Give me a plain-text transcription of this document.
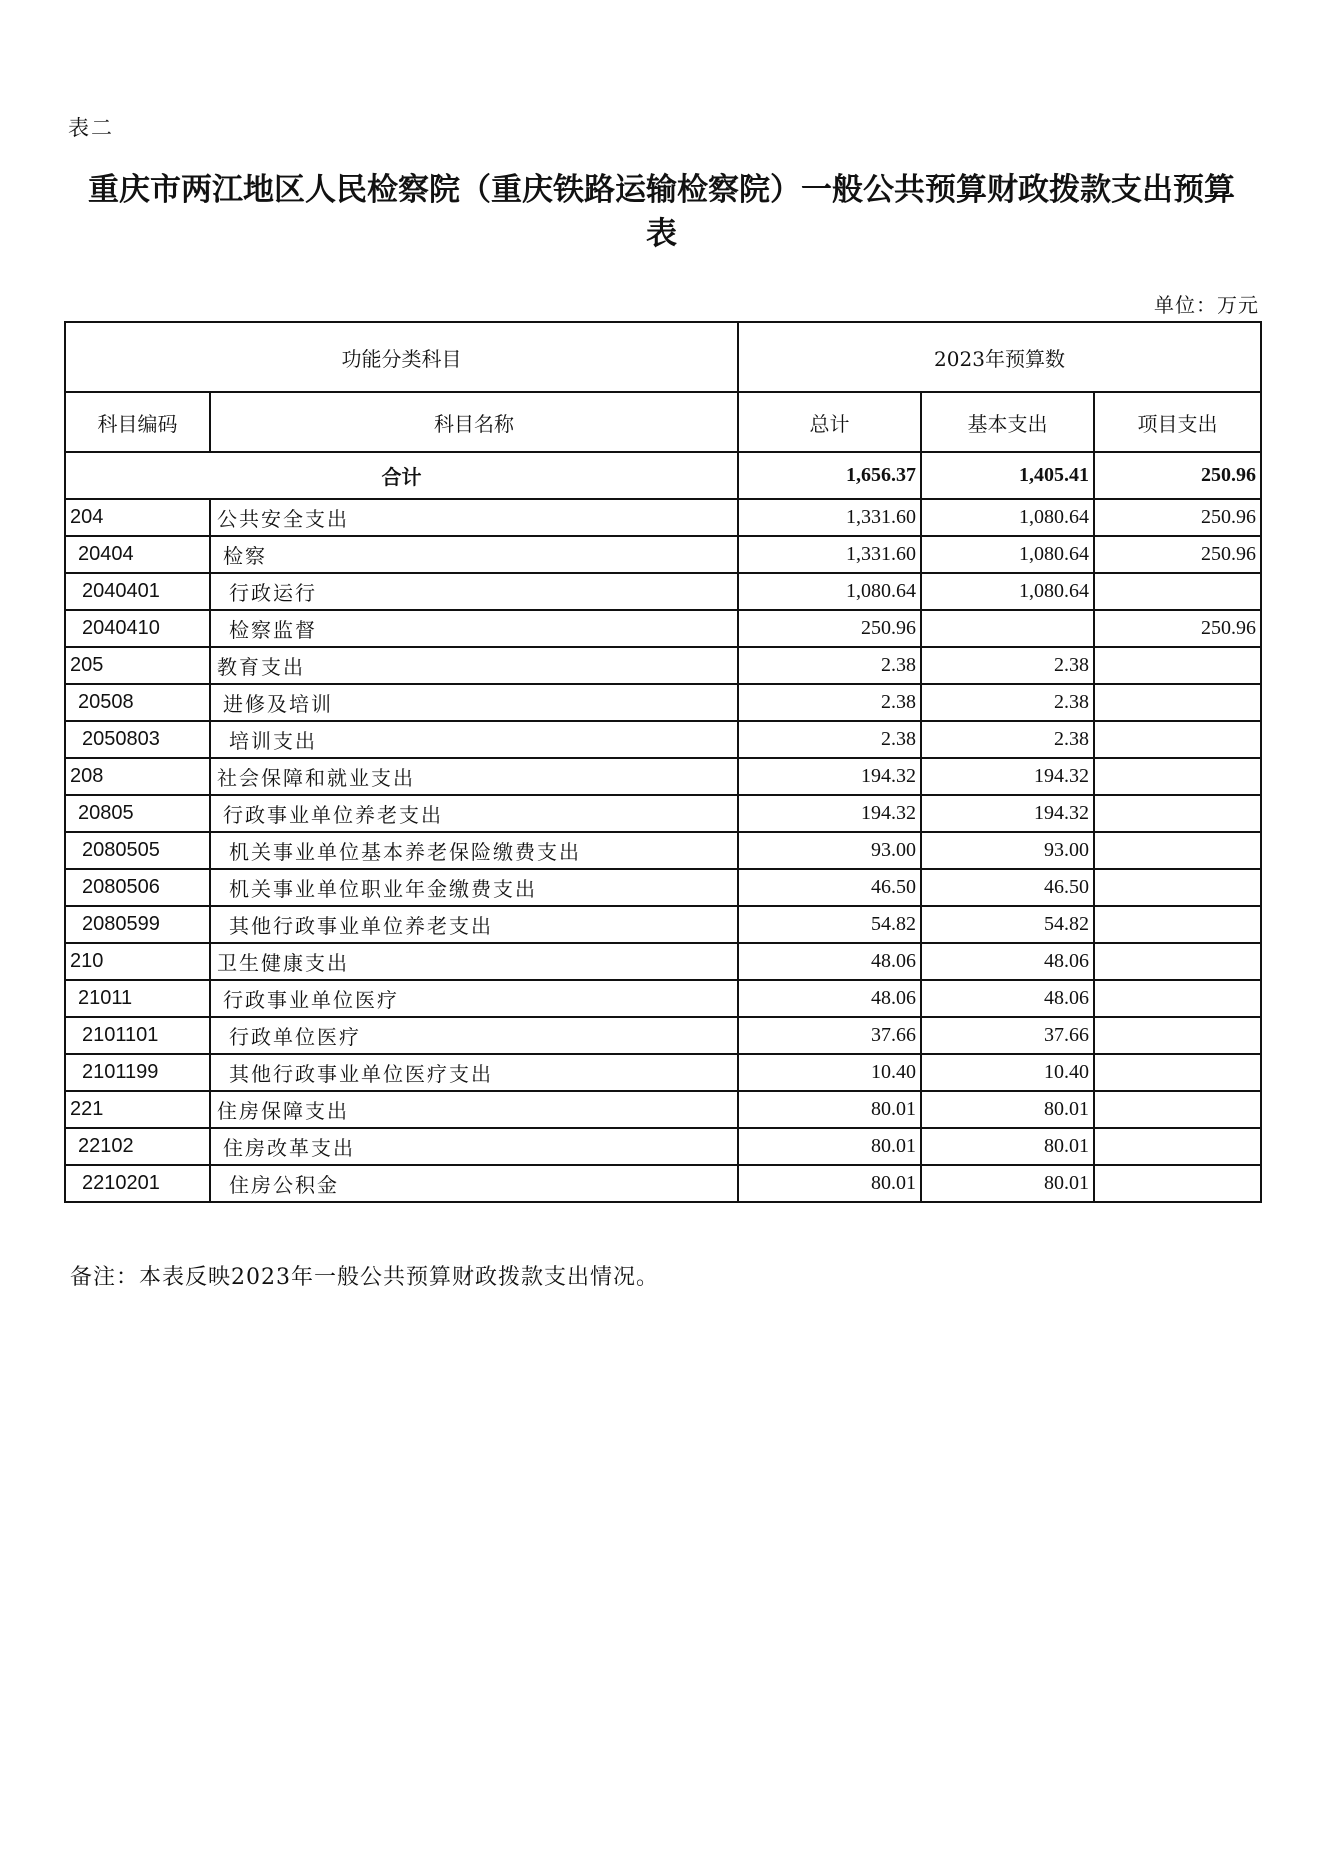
表二
重庆市两江地区人民检察院（重庆铁路运输检察院）一般公共预算财政拨款支出预算
表
单位：万元
功能分类科目		2023年预算数		
科目编码	科目名称	总计	基本支出	项目支出
合计		1,656.37	1,405.41	250.96
204	公共安全支出	1,331.60	1,080.64	250.96
20404	检察	1,331.60	1,080.64	250.96
2040401	行政运行	1,080.64	1,080.64	
2040410	检察监督	250.96		250.96
205	教育支出	2.38	2.38	
20508	进修及培训	2.38	2.38	
2050803	培训支出	2.38	2.38	
208	社会保障和就业支出	194.32	194.32	
20805	行政事业单位养老支出	194.32	194.32	
2080505	机关事业单位基本养老保险缴费支出	93.00	93.00	
2080506	机关事业单位职业年金缴费支出	46.50	46.50	
2080599	其他行政事业单位养老支出	54.82	54.82	
210	卫生健康支出	48.06	48.06	
21011	行政事业单位医疗	48.06	48.06	
2101101	行政单位医疗	37.66	37.66	
2101199	其他行政事业单位医疗支出	10.40	10.40	
221	住房保障支出	80.01	80.01	
22102	住房改革支出	80.01	80.01	
2210201	住房公积金	80.01	80.01	
备注：本表反映2023年一般公共预算财政拨款支出情况。
